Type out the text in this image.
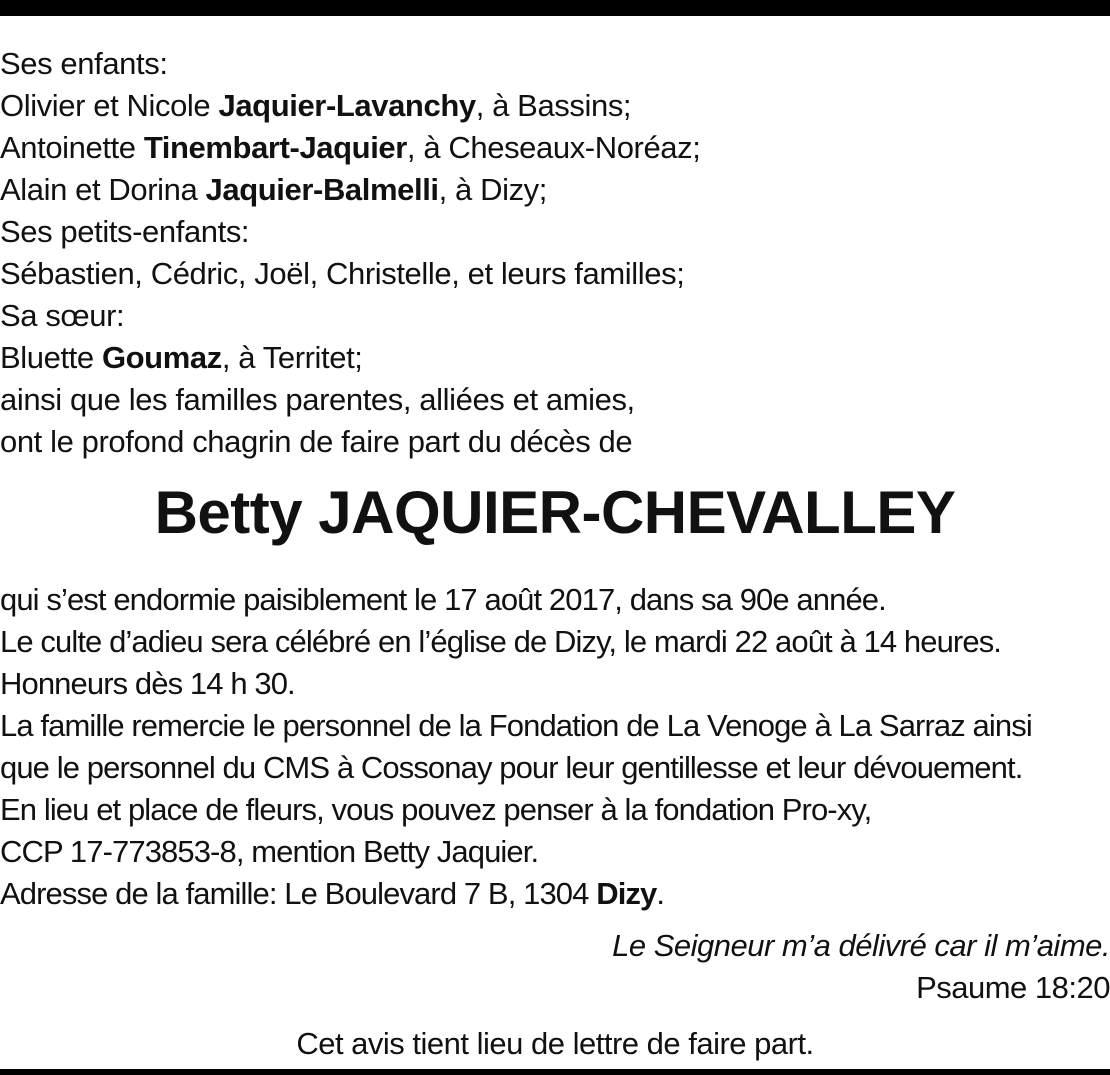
Ses enfants:
Olivier et Nicole Jaquier-Lavanchy, à Bassins;
Antoinette Tinembart-Jaquier, à Cheseaux-Noréaz;
Alain et Dorina Jaquier-Balmelli, à Dizy;
Ses petits-enfants:
Sébastien, Cédric, Joël, Christelle, et leurs familles;
Sa sœur:
Bluette Goumaz, à Territet;
ainsi que les familles parentes, alliées et amies,
ont le profond chagrin de faire part du décès de
Betty JAQUIER-CHEVALLEY
qui s’est endormie paisiblement le 17 août 2017, dans sa 90e année.
Le culte d’adieu sera célébré en l’église de Dizy, le mardi 22 août à 14 heures.
Honneurs dès 14 h 30.
La famille remercie le personnel de la Fondation de La Venoge à La Sarraz ainsi
que le personnel du CMS à Cossonay pour leur gentillesse et leur dévouement.
En lieu et place de fleurs, vous pouvez penser à la fondation Pro-xy,
CCP 17-773853-8, mention Betty Jaquier.
Adresse de la famille: Le Boulevard 7 B, 1304 Dizy.
Le Seigneur m’a délivré car il m’aime.
Psaume 18:20
Cet avis tient lieu de lettre de faire part.
